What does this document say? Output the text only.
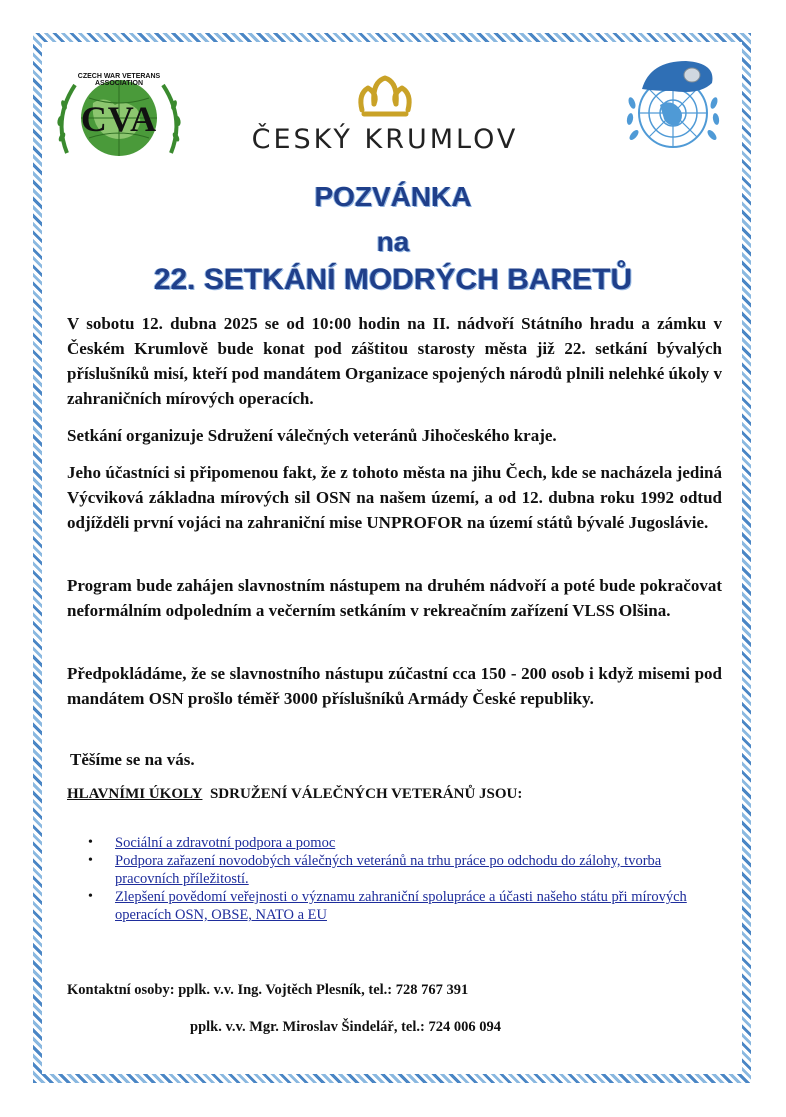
CZECH WAR VETERANS ASSOCIATION
CVA
ČESKÝ KRUMLOV
POZVÁNKA
na
22. SETKÁNÍ MODRÝCH BARETŮ

V sobotu 12. dubna 2025 se od 10:00 hodin na II. nádvoří Státního hradu a zámku v Českém Krumlově bude konat pod záštitou starosty města již 22. setkání bývalých příslušníků misí, kteří pod mandátem Organizace spojených národů plnili nelehké úkoly v zahraničních mírových operacích.

Setkání organizuje Sdružení válečných veteránů Jihočeského kraje.

Jeho účastníci si připomenou fakt, že z tohoto města na jihu Čech, kde se nacházela jediná Výcviková základna mírových sil OSN na našem území, a od 12. dubna roku 1992 odtud odjížděli první vojáci na zahraniční mise UNPROFOR na území států bývalé Jugoslávie.

Program bude zahájen slavnostním nástupem na druhém nádvoří a poté bude pokračovat neformálním odpoledním a večerním setkáním v rekreačním zařízení VLSS Olšina.

Předpokládáme, že se slavnostního nástupu zúčastní cca 150 - 200 osob i když misemi pod mandátem OSN prošlo téměř 3000 příslušníků Armády České republiky.

Těšíme se na vás.

HLAVNÍMI ÚKOLY SDRUŽENÍ VÁLEČNÝCH VETERÁNŮ JSOU:
• Sociální a zdravotní podpora a pomoc
• Podpora zařazení novodobých válečných veteránů na trhu práce po odchodu do zálohy, tvorba pracovních příležitostí.
• Zlepšení povědomí veřejnosti o významu zahraniční spolupráce a účasti našeho státu při mírových operacích OSN, OBSE, NATO a EU
Kontaktní osoby: pplk. v.v. Ing. Vojtěch Plesník, tel.: 728 767 391
pplk. v.v. Mgr. Miroslav Šindelář, tel.: 724 006 094
